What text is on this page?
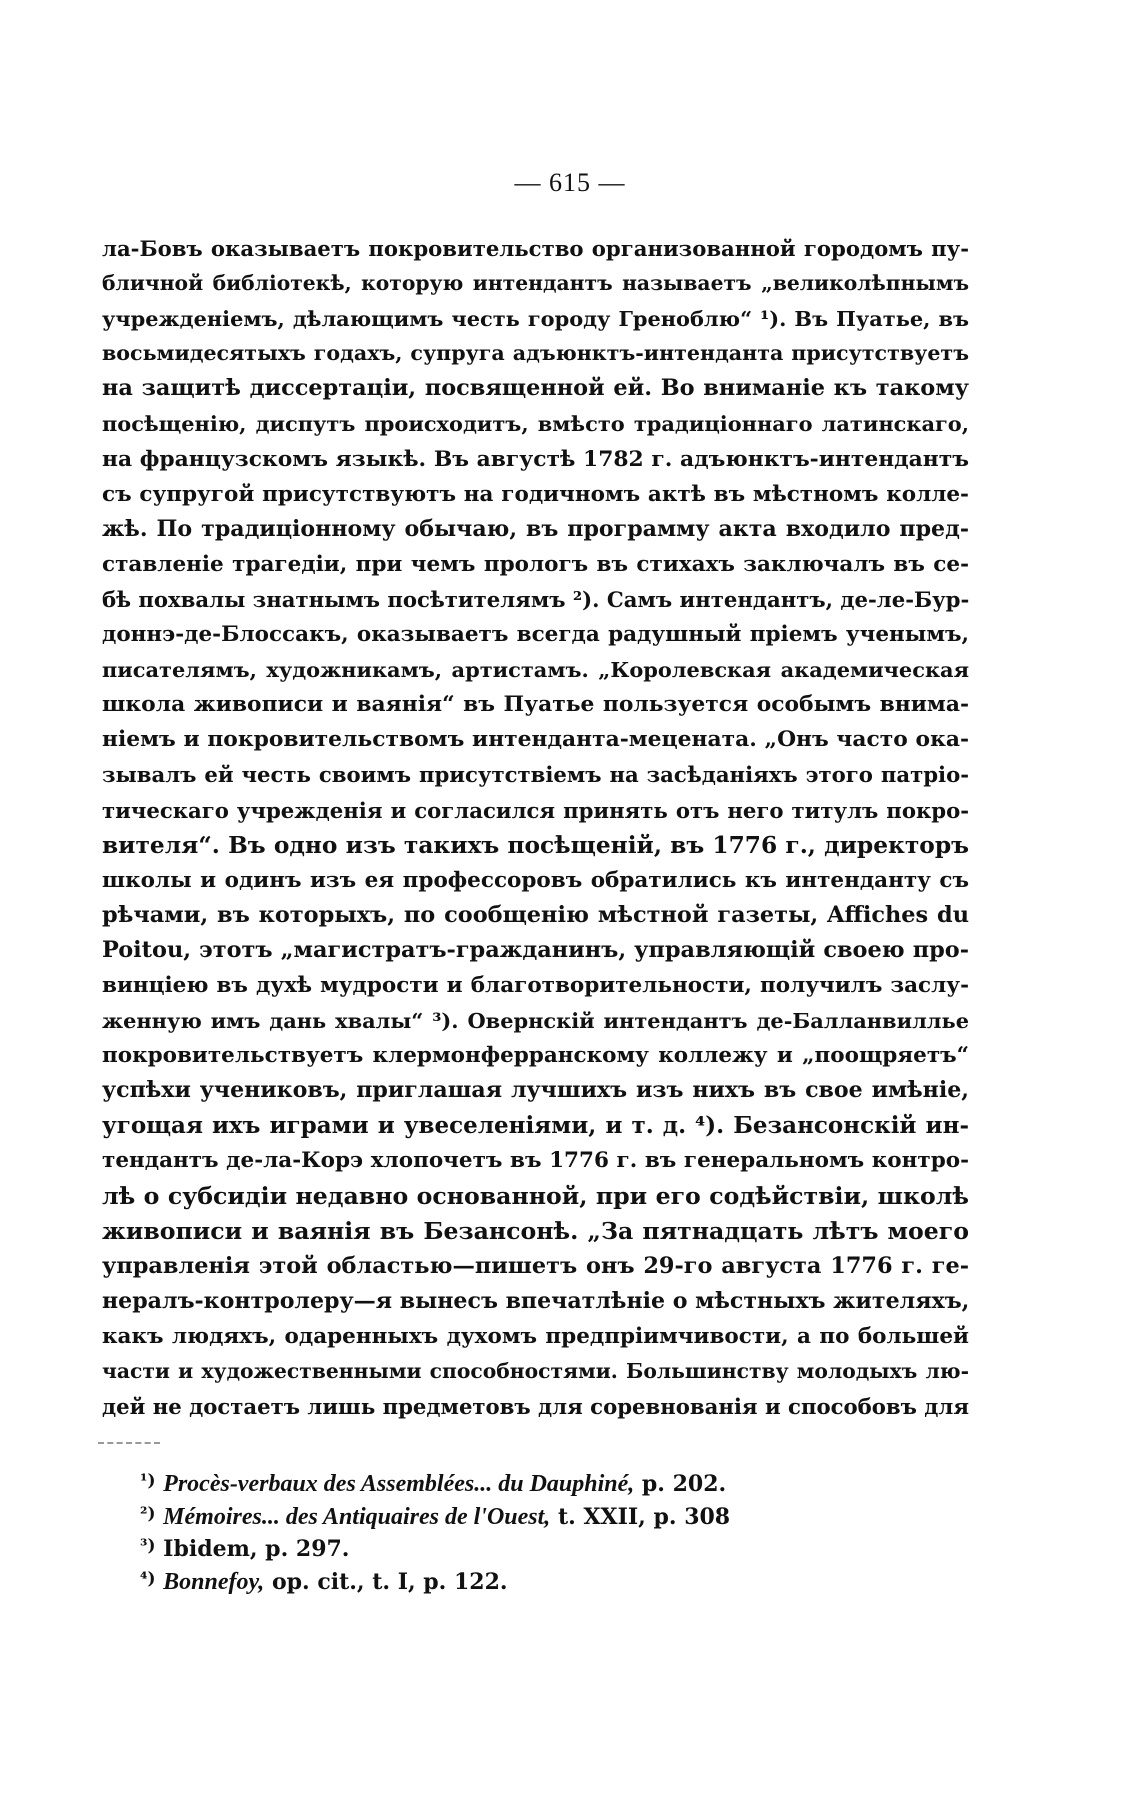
— 615 —
ла-Бовъ оказываетъ покровительство организованной городомъ пу-
бличной библіотекѣ, которую интендантъ называетъ „великолѣпнымъ
учрежденіемъ, дѣлающимъ честь городу Греноблю“ ¹). Въ Пуатье, въ
восьмидесятыхъ годахъ, супруга адъюнктъ-интенданта присутствуетъ
на защитѣ диссертаціи, посвященной ей. Во вниманіе къ такому
посѣщенію, диспутъ происходитъ, вмѣсто традиціоннаго латинскаго,
на французскомъ языкѣ. Въ августѣ 1782 г. адъюнктъ-интендантъ
съ супругой присутствуютъ на годичномъ актѣ въ мѣстномъ колле-
жѣ. По традиціонному обычаю, въ программу акта входило пред-
ставленіе трагедіи, при чемъ прологъ въ стихахъ заключалъ въ се-
бѣ похвалы знатнымъ посѣтителямъ ²). Самъ интендантъ, де-ле-Бур-
доннэ-де-Блоссакъ, оказываетъ всегда радушный пріемъ ученымъ,
писателямъ, художникамъ, артистамъ. „Королевская академическая
школа живописи и ваянія“ въ Пуатье пользуется особымъ внима-
ніемъ и покровительствомъ интенданта-мецената. „Онъ часто ока-
зывалъ ей честь своимъ присутствіемъ на засѣданіяхъ этого патріо-
тическаго учрежденія и согласился принять отъ него титулъ покро-
вителя“. Въ одно изъ такихъ посѣщеній, въ 1776 г., директоръ
школы и одинъ изъ ея профессоровъ обратились къ интенданту съ
рѣчами, въ которыхъ, по сообщенію мѣстной газеты, Affiches du
Poitou, этотъ „магистратъ-гражданинъ, управляющій своею про-
винціею въ духѣ мудрости и благотворительности, получилъ заслу-
женную имъ дань хвалы“ ³). Овернскій интендантъ де-Балланвиллье
покровительствуетъ клермонферранскому коллежу и „поощряетъ“
успѣхи учениковъ, приглашая лучшихъ изъ нихъ въ свое имѣніе,
угощая ихъ играми и увеселеніями, и т. д. ⁴). Безансонскій ин-
тендантъ де-ла-Корэ хлопочетъ въ 1776 г. въ генеральномъ контро-
лѣ о субсидіи недавно основанной, при его содѣйствіи, школѣ
живописи и ваянія въ Безансонѣ. „За пятнадцать лѣтъ моего
управленія этой областью—пишетъ онъ 29-го августа 1776 г. ге-
нералъ-контролеру—я вынесъ впечатлѣніе о мѣстныхъ жителяхъ,
какъ людяхъ, одаренныхъ духомъ предпріимчивости, а по большей
части и художественными способностями. Большинству молодыхъ лю-
дей не достаетъ лишь предметовъ для соревнованія и способовъ для
$^{^1)}$ Procès-verbaux des Assemblées... du Dauphiné, p. 202.
$^{^2)}$ Mémoires... des Antiquaires de l'Ouest, t. XXII, p. 308
$^{^3)}$ Ibidem, p. 297.
$^{^4)}$ Bonnefoy, op. cit., t. I, p. 122.
